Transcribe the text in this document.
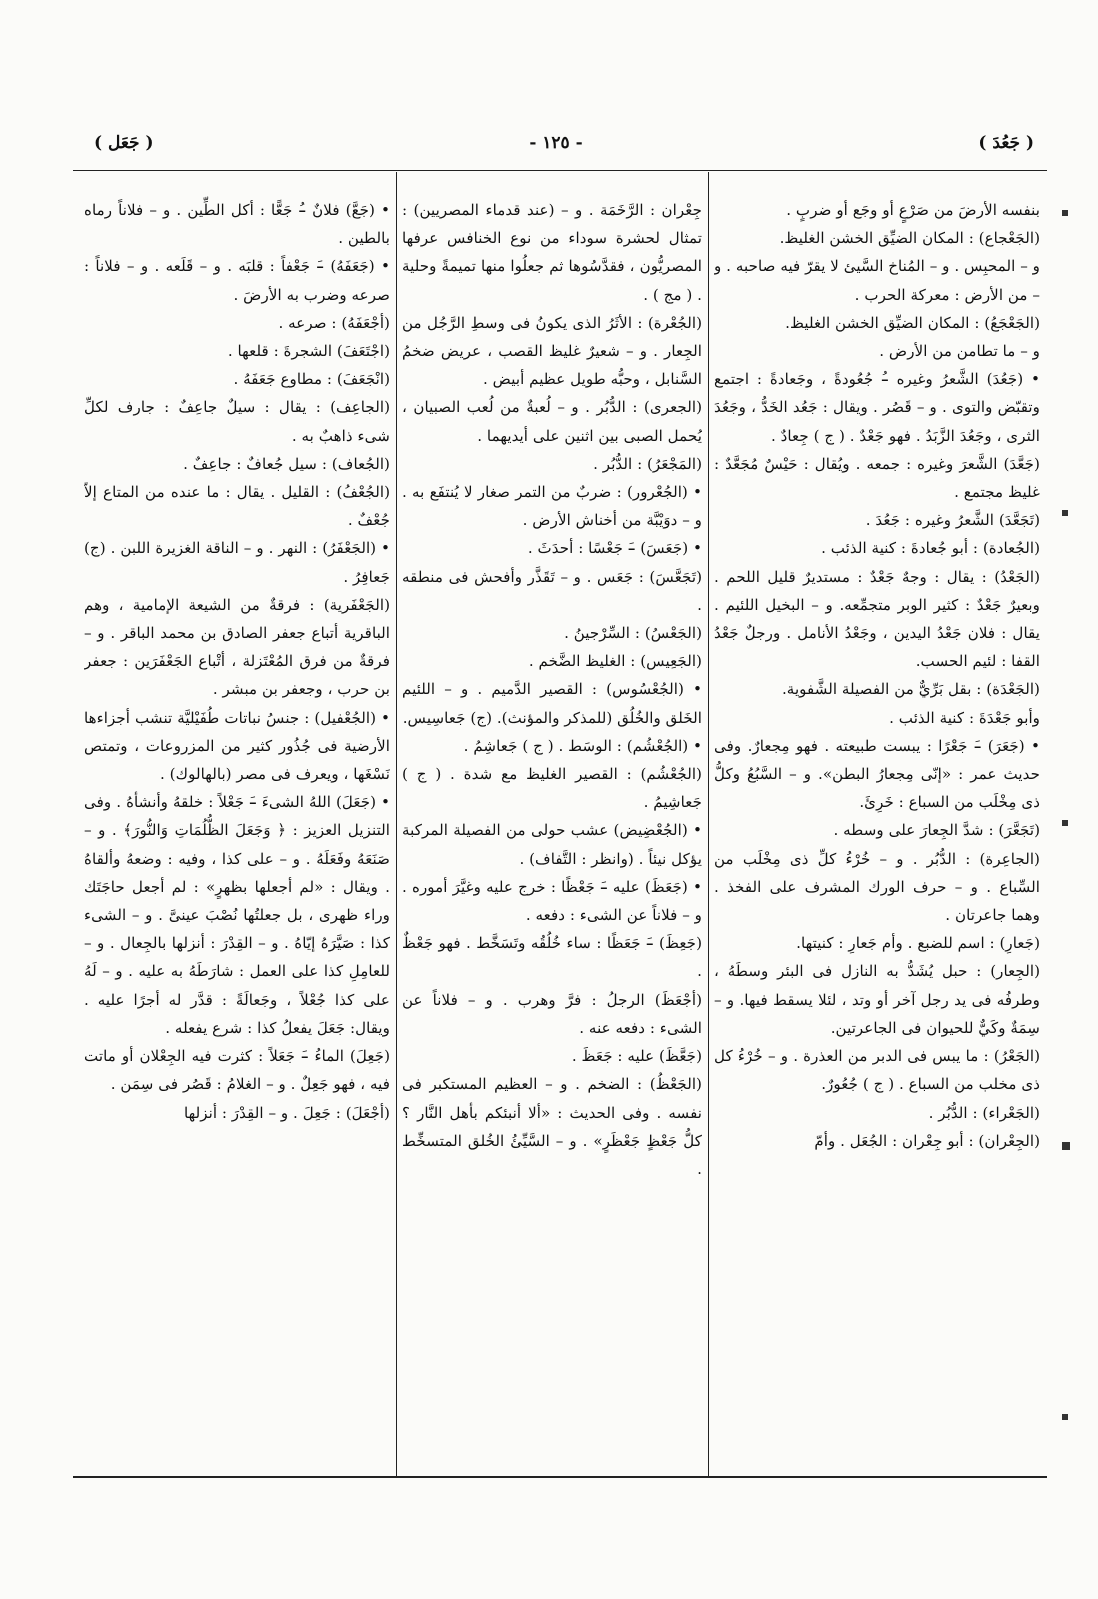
( جَعُدَ )
- ١٢٥ -
( جَعَل )

بنفسه الأرضَ من صَرْعٍ أو وجَع أو ضربٍ .

(الجَعْجاع) : المكان الضيِّق الخشن الغليظ.

و – المحبِس . و – المُناخ السَّيئ لا يقرّ فيه صاحبه . و – من الأرض : معركة الحرب .

(الجَعْجَعُ) : المكان الضيِّق الخشن الغليظ.

و – ما تطامن من الأرض .

• (جَعُدَ) الشَّعرُ وغيره –ُ جُعُودةً ، وجَعادةً : اجتمع وتقبّض والتوى . و – قَصُر . ويقال : جَعُد الخَدُّ ، وجَعُدَ الثرى ، وجَعُدَ الزَّبَدُ . فهو جَعْدٌ . ( ج ) جِعادٌ .

(جَعَّدَ) الشَّعرَ وغيره : جمعه . ويُقال : حَيْسٌ مُجَعَّدٌ : غليظ مجتمع .

(تَجَعَّدَ) الشَّعرُ وغيره : جَعُدَ .

(الجُعادة) : أبو جُعادةَ : كنية الذئب .

(الجَعْدُ) : يقال : وجهٌ جَعْدٌ : مستديرٌ قليل اللحم . وبعيرٌ جَعْدٌ : كثير الوبر متجمِّعه. و – البخيل اللئيم . يقال : فلان جَعْدُ اليدين ، وجَعْدُ الأنامل . ورجلٌ جَعْدُ القفا : لئيم الحسب.

(الجَعْدَة) : بقل بَرِّيٌّ من الفصيلة الشَّفوية.

وأبو جَعْدَةَ : كنية الذئب .

• (جَعَرَ) –َ جَعْرًا : يبست طبيعته . فهو مِجعارٌ. وفى حديث عمر : «إنّى مِجعارُ البطن». و – السَّبُعُ وكلُّ ذى مِخْلَب من السباع : خَرِئَ.

(تَجَعَّرَ) : شدَّ الجِعارَ على وسطه .

(الجاعِرة) : الدُّبُر . و – خُرْءُ كلِّ ذى مِخْلَب من السِّباع . و – حرف الورك المشرف على الفخذ . وهما جاعرتان .

(جَعارِ) : اسم للضبع . وأم جَعارِ : كنيتها.

(الجِعار) : حبل يُشَدُّ به النازل فى البئر وسطَهُ ، وطرفُه فى يد رجل آخر أو وتد ، لئلا يسقط فيها. و – سِمَةٌ وكَيٌّ للحيوان فى الجاعرتين.

(الجَعْرُ) : ما يبس فى الدبر من العذرة . و – خُرْءُ كل ذى مخلب من السباع . ( ج ) جُعُورٌ.

(الجَعْراء) : الدُّبُر .

(الجِعْران) : أبو جِعْران : الجُعَل . وأمّ

جِعْران : الرَّخَمَة . و – (عند قدماء المصريين) : تمثال لحشرة سوداء من نوع الخنافس عرفها المصريُّون ، فقدَّسُوها ثم جعلُوا منها تميمةً وحلية . ( مج ) .

(الجُعْرة) : الأثَرُ الذى يكونُ فى وسطِ الرَّجُل من الجِعار . و – شعيرٌ غليظ القصب ، عريض ضخمُ السَّنابل ، وحبُّه طويل عظيم أبيض .

(الجعرى) : الدُّبُر . و – لُعبةٌ من لُعب الصبيان ، يُحمل الصبى بين اثنين على أيديهما .

(المَجْعَرُ) : الدُّبُر .

• (الجُعْرور) : ضربٌ من التمر صغار لا يُنتفَع به . و – دوَيْبَّة من أخناش الأرض .

• (جَعَسَ) –َ جَعْسًا : أحدَثَ .

(تَجَعَّسَ) : جَعَس . و – تَقَذَّر وأفحش فى منطقه .

(الجَعْسُ) : السِّرْجينُ .

(الجَعِيس) : الغليظ الضَّخم .

• (الجُعْسُوس) : القصير الدَّميم . و – اللئيم الخَلق والخُلُق (للمذكر والمؤنث). (ج) جَعاسِيس.

• (الجُعْشُم) : الوسَط . ( ج ) جَعاشِمُ .

(الجُعْشُم) : القصير الغليظ مع شدة . ( ج ) جَعاشِيمُ .

• (الجُعْضِيض) عشب حولى من الفصيلة المركبة يؤكل نيئاً . (وانظر : التَّفاف) .

• (جَعَظَ) عليه –َ جَعْظًا : خرج عليه وغيَّرَ أموره . و – فلاناً عن الشىء : دفعه .

(جَعِظَ) –َ جَعَظًا : ساء خُلُقُه وتَسَخَّط . فهو جَعْظٌ .

(أجْعَظَ) الرجلُ : فرَّ وهرب . و – فلاناً عن الشىء : دفعه عنه .

(جَعَّظَ) عليه : جَعَظَ .

(الجَعْظُ) : الضخم . و – العظيم المستكبر فى نفسه . وفى الحديث : «ألا أنبئكم بأهل النَّار ؟ كلُّ جَعْظٍ جَعْظَرٍ» . و – السَّيِّئُ الخُلق المتسخِّط .

• (جَعَّ) فلانٌ –ُ جَعًّا : أكل الطِّين . و – فلاناً رماه بالطين .

• (جَعَفَهُ) –َ جَعْفاً : قلبَه . و – قَلَعه . و – فلاناً : صرعه وضرب به الأرضَ .

(أجْعَفَهُ) : صرعه .

(اجْتَعَفَ) الشجرةَ : قلعها .

(انْجَعَفَ) : مطاوع جَعَفَهُ .

(الجاعِف) : يقال : سيلٌ جاعِفٌ : جارف لكلِّ شىء ذاهبٌ به .

(الجُعاف) : سيل جُعافٌ : جاعِفٌ .

(الجُعْفُ) : القليل . يقال : ما عنده من المتاع إلاّ جُعْفٌ .

• (الجَعْفَرُ) : النهر . و – الناقة الغزيرة اللبن . (ج) جَعافِرُ .

(الجَعْفَرية) : فرقةٌ من الشيعة الإمامية ، وهم الباقرية أتباع جعفر الصادق بن محمد الباقر . و – فرقةٌ من فرق المُعْتَزلة ، أتْباع الجَعْفَرَين : جعفر بن حرب ، وجعفر بن مبشر .

• (الجُعْفيل) : جنسُ نباتات طُفَيْليَّة تنشب أجزاءها الأرضية فى جُذُور كثير من المزروعات ، وتمتص نَسْغَها ، ويعرف فى مصر (بالهالوك) .

• (جَعَلَ) اللهُ الشىءَ –َ جَعْلاً : خلقهُ وأنشأهُ . وفى التنزيل العزيز : ﴿ وَجَعَلَ الظُّلُمَاتِ وَالنُّورَ﴾ . و – صَنَعَهُ وفَعَلَهُ . و – على كذا ، وفيه : وضعهُ وألقاهُ . ويقال : «لم أجعلها بظهرٍ» : لم أجعل حاجَتَك وراء ظهرى ، بل جعلتُها نُصْبَ عينىَّ . و – الشىء كذا : صَيَّرَهُ إيّاهُ . و – القِدْرَ : أنزلها بالجِعال . و – للعامِلِ كذا على العمل : شارَطَهُ به عليه . و – لَهُ على كذا جُعْلاً ، وجَعالَةً : قدَّر له أجرًا عليه . ويقال: جَعَلَ يفعلُ كذا : شرع يفعله .

(جَعِلَ) الماءُ –َ جَعَلاً : كثرت فيه الجِعْلان أو ماتت فيه ، فهو جَعِلٌ . و – الغلامُ : قَصُر فى سِمَن .

(أجْعَلَ) : جَعِلَ . و – القِدْرَ : أنزلها
